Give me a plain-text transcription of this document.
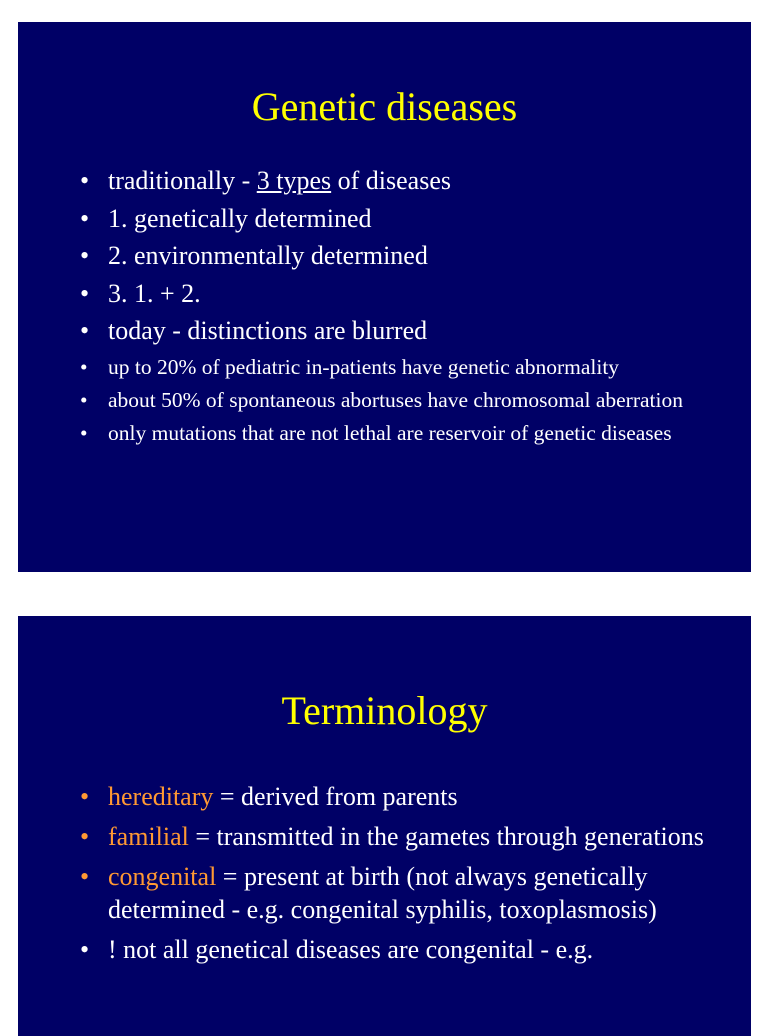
Genetic diseases
• traditionally - 3 types of diseases
• 1. genetically determined
• 2. environmentally determined
• 3. 1. + 2.
• today - distinctions are blurred
• up to 20% of pediatric in-patients have genetic abnormality
• about 50% of spontaneous abortuses have chromosomal aberration
• only mutations that are not lethal are reservoir of genetic diseases
Terminology
• hereditary = derived from parents
• familial = transmitted in the gametes through generations
• congenital = present at birth (not always genetically determined - e.g. congenital syphilis, toxoplasmosis)
• ! not all genetical diseases are congenital - e.g.
